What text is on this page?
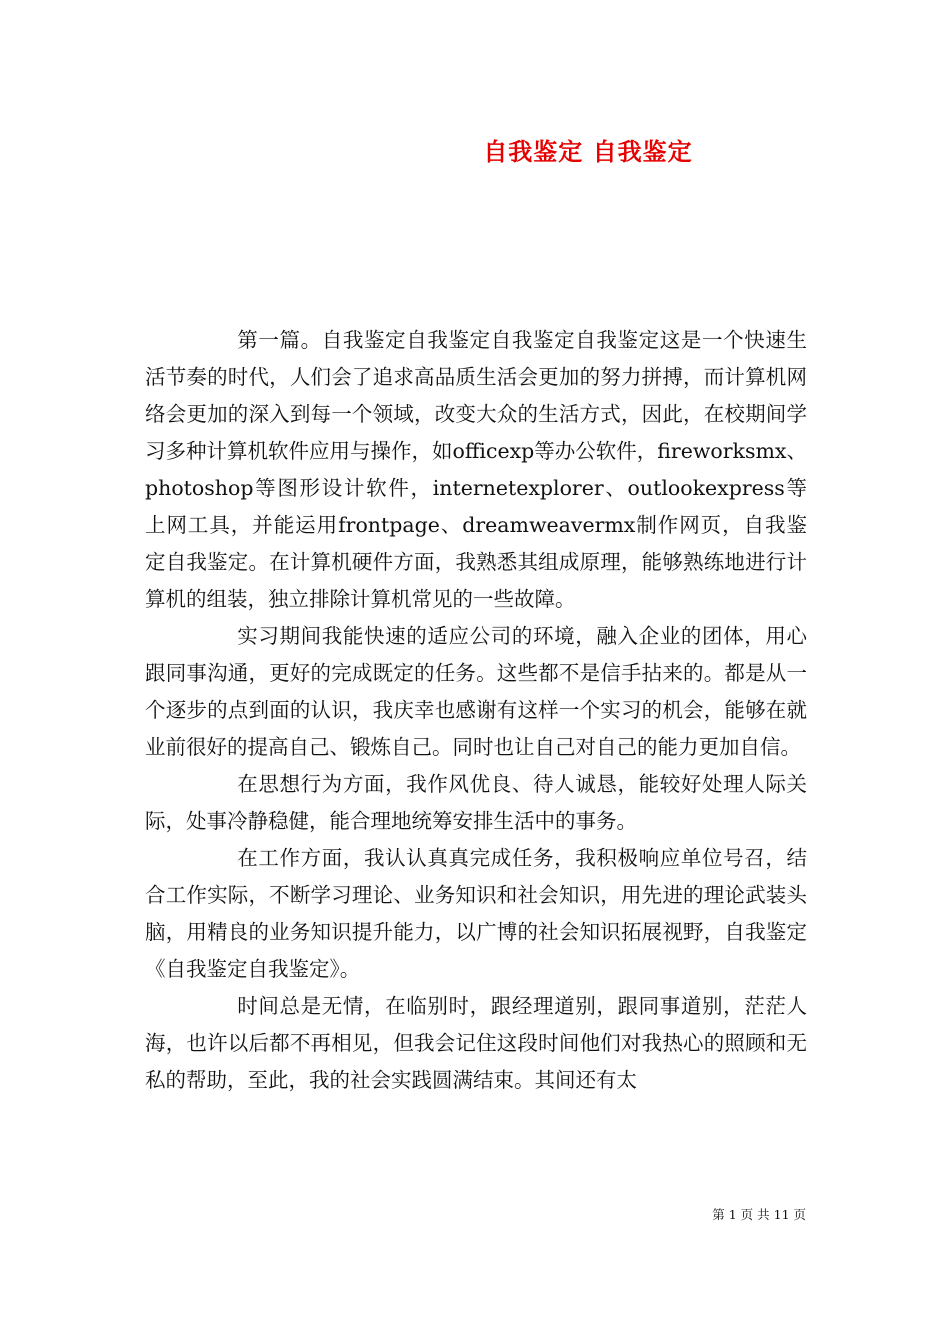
自我鉴定 自我鉴定

第一篇。自我鉴定自我鉴定自我鉴定自我鉴定这是一个快速生活节奏的时代，人们会了追求高品质生活会更加的努力拼搏，而计算机网络会更加的深入到每一个领域，改变大众的生活方式，因此，在校期间学习多种计算机软件应用与操作，如officexp等办公软件，fireworksmx、photoshop等图形设计软件，internetexplorer、outlookexpress等上网工具，并能运用frontpage、dreamweavermx制作网页，自我鉴定自我鉴定。在计算机硬件方面，我熟悉其组成原理，能够熟练地进行计算机的组装，独立排除计算机常见的一些故障。

实习期间我能快速的适应公司的环境，融入企业的团体，用心跟同事沟通，更好的完成既定的任务。这些都不是信手拈来的。都是从一个逐步的点到面的认识，我庆幸也感谢有这样一个实习的机会，能够在就业前很好的提高自己、锻炼自己。同时也让自己对自己的能力更加自信。

在思想行为方面，我作风优良、待人诚恳，能较好处理人际关际，处事冷静稳健，能合理地统筹安排生活中的事务。

在工作方面，我认认真真完成任务，我积极响应单位号召，结合工作实际，不断学习理论、业务知识和社会知识，用先进的理论武装头脑，用精良的业务知识提升能力，以广博的社会知识拓展视野，自我鉴定《自我鉴定自我鉴定》。

时间总是无情，在临别时，跟经理道别，跟同事道别，茫茫人海，也许以后都不再相见，但我会记住这段时间他们对我热心的照顾和无私的帮助，至此，我的社会实践圆满结束。其间还有太

第 1 页 共 11 页
